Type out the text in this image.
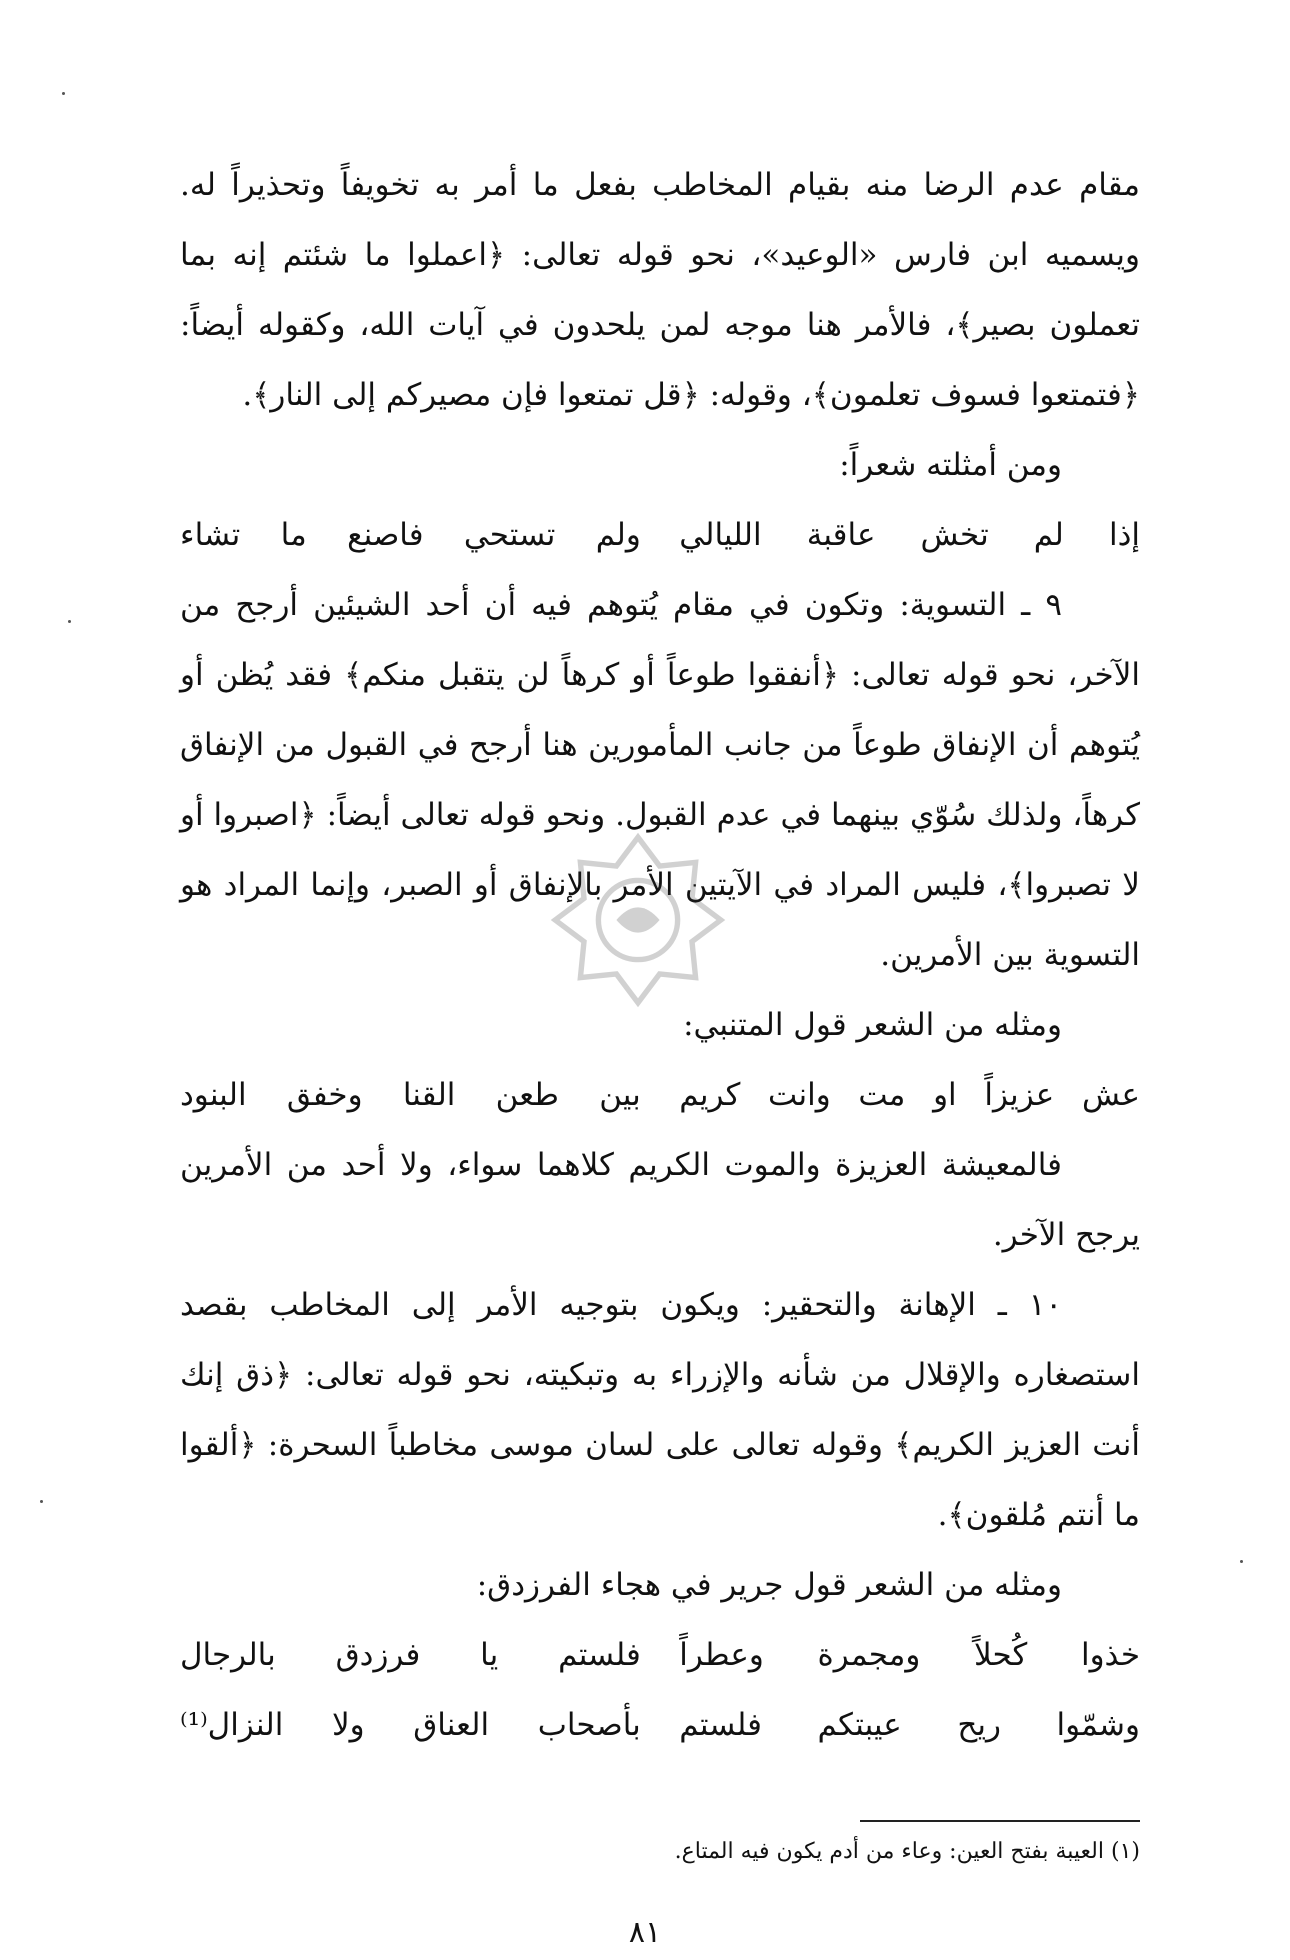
مقام عدم الرضا منه بقيام المخاطب بفعل ما أمر به تخويفاً وتحذيراً له. ويسميه ابن فارس «الوعيد»، نحو قوله تعالى: ﴿اعملوا ما شئتم إنه بما تعملون بصير﴾، فالأمر هنا موجه لمن يلحدون في آيات الله، وكقوله أيضاً: ﴿فتمتعوا فسوف تعلمون﴾، وقوله: ﴿قل تمتعوا فإن مصيركم إلى النار﴾.

ومن أمثلته شعراً:

إذا لم تخش عاقبة الليالي
ولم تستحي فاصنع ما تشاء

٩ ـ التسوية: وتكون في مقام يُتوهم فيه أن أحد الشيئين أرجح من الآخر، نحو قوله تعالى: ﴿أنفقوا طوعاً أو كرهاً لن يتقبل منكم﴾ فقد يُظن أو يُتوهم أن الإنفاق طوعاً من جانب المأمورين هنا أرجح في القبول من الإنفاق كرهاً، ولذلك سُوّي بينهما في عدم القبول. ونحو قوله تعالى أيضاً: ﴿اصبروا أو لا تصبروا﴾، فليس المراد في الآيتين الأمر بالإنفاق أو الصبر، وإنما المراد هو التسوية بين الأمرين.

ومثله من الشعر قول المتنبي:

عش عزيزاً او مت وانت كريم
بين طعن القنا وخفق البنود

فالمعيشة العزيزة والموت الكريم كلاهما سواء، ولا أحد من الأمرين يرجح الآخر.

١٠ ـ الإهانة والتحقير: ويكون بتوجيه الأمر إلى المخاطب بقصد استصغاره والإقلال من شأنه والإزراء به وتبكيته، نحو قوله تعالى: ﴿ذق إنك أنت العزيز الكريم﴾ وقوله تعالى على لسان موسى مخاطباً السحرة: ﴿ألقوا ما أنتم مُلقون﴾.

ومثله من الشعر قول جرير في هجاء الفرزدق:

خذوا كُحلاً ومجمرة وعطراً
فلستم يا فرزدق بالرجال
وشمّوا ريح عيبتكم فلستم
بأصحاب العناق ولا النزال⁽¹⁾
(١) العيبة بفتح العين: وعاء من أدم يكون فيه المتاع.
٨١
